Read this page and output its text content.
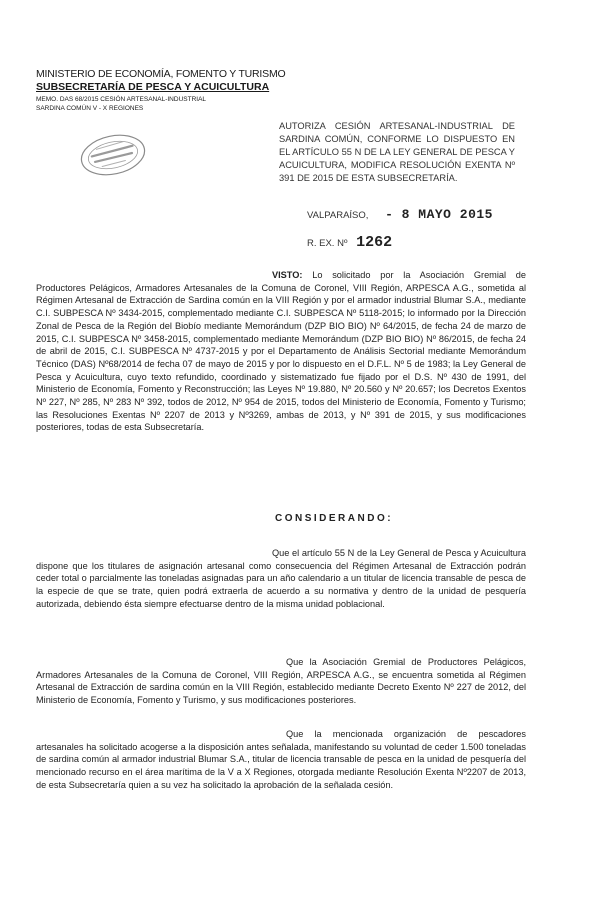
MINISTERIO DE ECONOMÍA, FOMENTO Y TURISMO
SUBSECRETARÍA DE PESCA Y ACUICULTURA
MEMO. DAS 68/2015 CESIÓN ARTESANAL-INDUSTRIAL
SARDINA COMÚN V - X REGIONES
AUTORIZA CESIÓN ARTESANAL-INDUSTRIAL DE SARDINA COMÚN, CONFORME LO DISPUESTO EN EL ARTÍCULO 55 N DE LA LEY GENERAL DE PESCA Y ACUICULTURA, MODIFICA RESOLUCIÓN EXENTA Nº 391 DE 2015 DE ESTA SUBSECRETARÍA.
VALPARAÍSO, - 8 MAYO 2015
R. EX. Nº 1262
VISTO: Lo solicitado por la Asociación Gremial de Productores Pelágicos, Armadores Artesanales de la Comuna de Coronel, VIII Región, ARPESCA A.G., sometida al Régimen Artesanal de Extracción de Sardina común en la VIII Región y por el armador industrial Blumar S.A., mediante C.I. SUBPESCA Nº 3434-2015, complementado mediante C.I. SUBPESCA Nº 5118-2015; lo informado por la Dirección Zonal de Pesca de la Región del Biobío mediante Memorándum (DZP BIO BIO) Nº 64/2015, de fecha 24 de marzo de 2015, C.I. SUBPESCA Nº 3458-2015, complementado mediante Memorándum (DZP BIO BIO) Nº 86/2015, de fecha 24 de abril de 2015, C.I. SUBPESCA Nº 4737-2015 y por el Departamento de Análisis Sectorial mediante Memorándum Técnico (DAS) Nº68/2014 de fecha 07 de mayo de 2015 y por lo dispuesto en el D.F.L. Nº 5 de 1983; la Ley General de Pesca y Acuicultura, cuyo texto refundido, coordinado y sistematizado fue fijado por el D.S. Nº 430 de 1991, del Ministerio de Economía, Fomento y Reconstrucción; las Leyes Nº 19.880, Nº 20.560 y Nº 20.657; los Decretos Exentos Nº 227, Nº 285, Nº 283 Nº 392, todos de 2012, Nº 954 de 2015, todos del Ministerio de Economía, Fomento y Turismo; las Resoluciones Exentas Nº 2207 de 2013 y Nº3269, ambas de 2013, y Nº 391 de 2015, y sus modificaciones posteriores, todas de esta Subsecretaría.
CONSIDERANDO:
Que el artículo 55 N de la Ley General de Pesca y Acuicultura dispone que los titulares de asignación artesanal como consecuencia del Régimen Artesanal de Extracción podrán ceder total o parcialmente las toneladas asignadas para un año calendario a un titular de licencia transable de pesca de la especie de que se trate, quien podrá extraerla de acuerdo a su normativa y dentro de la unidad de pesquería autorizada, debiendo ésta siempre efectuarse dentro de la misma unidad poblacional.
Que la Asociación Gremial de Productores Pelágicos, Armadores Artesanales de la Comuna de Coronel, VIII Región, ARPESCA A.G., se encuentra sometida al Régimen Artesanal de Extracción de sardina común en la VIII Región, establecido mediante Decreto Exento Nº 227 de 2012, del Ministerio de Economía, Fomento y Turismo, y sus modificaciones posteriores.
Que la mencionada organización de pescadores artesanales ha solicitado acogerse a la disposición antes señalada, manifestando su voluntad de ceder 1.500 toneladas de sardina común al armador industrial Blumar S.A., titular de licencia transable de pesca en la unidad de pesquería del mencionado recurso en el área marítima de la V a X Regiones, otorgada mediante Resolución Exenta Nº2207 de 2013, de esta Subsecretaría quien a su vez ha solicitado la aprobación de la señalada cesión.
